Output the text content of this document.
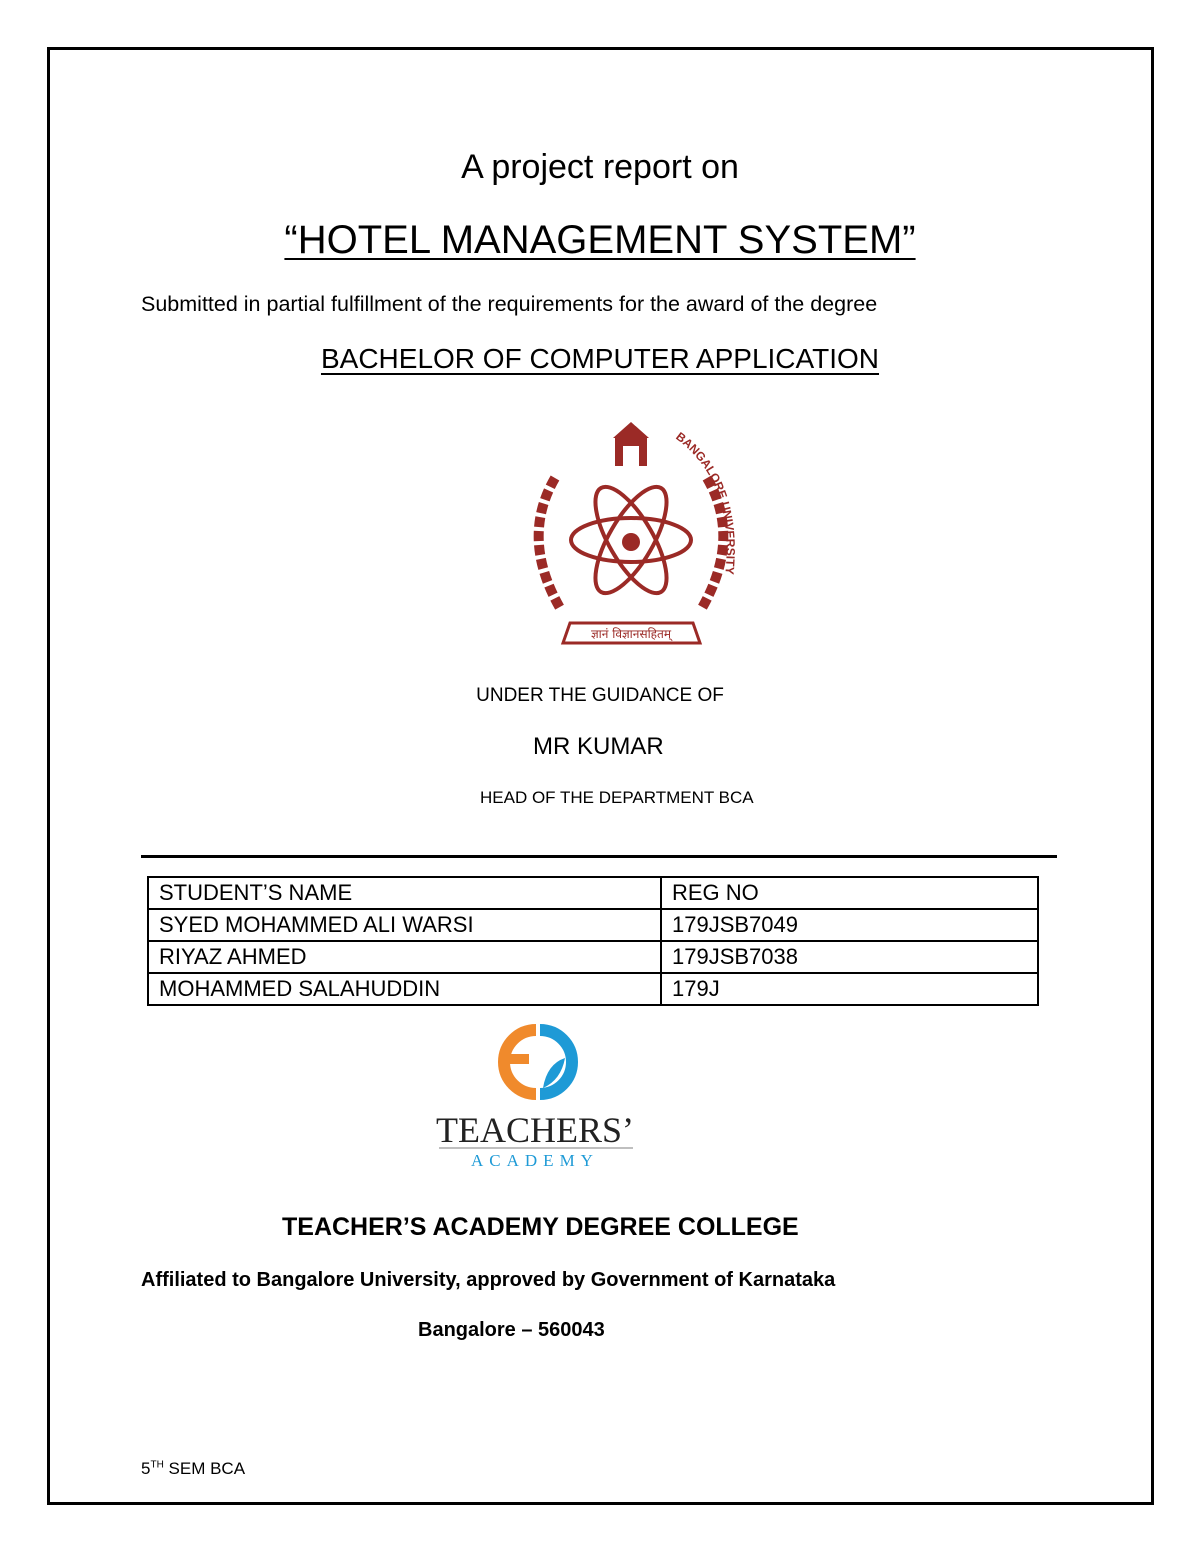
A project report on
“HOTEL MANAGEMENT SYSTEM”
Submitted in partial fulfillment of the requirements for the award of the degree
BACHELOR OF COMPUTER APPLICATION
ज्ञानं विज्ञानसहितम्
BANGALORE UNIVERSITY
UNDER THE GUIDANCE OF
MR KUMAR
HEAD OF THE DEPARTMENT BCA
STUDENT’S NAME	REG NO
SYED MOHAMMED ALI WARSI	179JSB7049
RIYAZ AHMED	179JSB7038
MOHAMMED SALAHUDDIN	179J
TEACHERS’
ACADEMY
TEACHER’S ACADEMY DEGREE COLLEGE
Affiliated to Bangalore University, approved by Government of Karnataka
Bangalore – 560043
5TH SEM BCA
